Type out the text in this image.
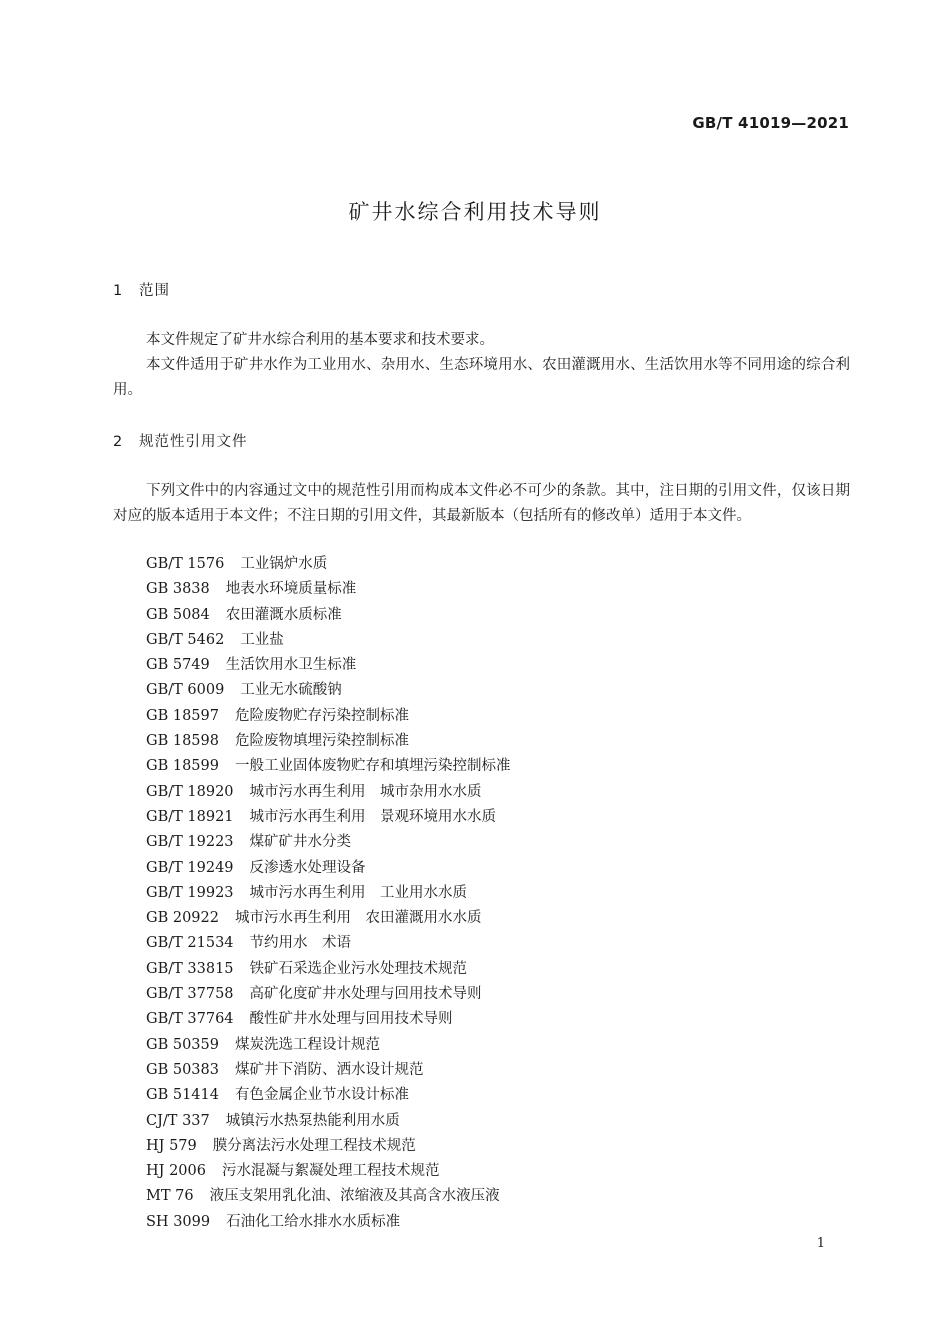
GB/T 41019—2021
矿井水综合利用技术导则
1 范围

本文件规定了矿井水综合利用的基本要求和技术要求。

本文件适用于矿井水作为工业用水、杂用水、生态环境用水、农田灌溉用水、生活饮用水等不同用途的综合利用。

2 规范性引用文件

下列文件中的内容通过文中的规范性引用而构成本文件必不可少的条款。其中，注日期的引用文件，仅该日期对应的版本适用于本文件；不注日期的引用文件，其最新版本（包括所有的修改单）适用于本文件。

GB/T 1576 工业锅炉水质
GB 3838 地表水环境质量标准
GB 5084 农田灌溉水质标准
GB/T 5462 工业盐
GB 5749 生活饮用水卫生标准
GB/T 6009 工业无水硫酸钠
GB 18597 危险废物贮存污染控制标准
GB 18598 危险废物填埋污染控制标准
GB 18599 一般工业固体废物贮存和填埋污染控制标准
GB/T 18920 城市污水再生利用　城市杂用水水质
GB/T 18921 城市污水再生利用　景观环境用水水质
GB/T 19223 煤矿矿井水分类
GB/T 19249 反渗透水处理设备
GB/T 19923 城市污水再生利用　工业用水水质
GB 20922 城市污水再生利用　农田灌溉用水水质
GB/T 21534 节约用水　术语
GB/T 33815 铁矿石采选企业污水处理技术规范
GB/T 37758 高矿化度矿井水处理与回用技术导则
GB/T 37764 酸性矿井水处理与回用技术导则
GB 50359 煤炭洗选工程设计规范
GB 50383 煤矿井下消防、洒水设计规范
GB 51414 有色金属企业节水设计标准
CJ/T 337 城镇污水热泵热能利用水质
HJ 579 膜分离法污水处理工程技术规范
HJ 2006 污水混凝与絮凝处理工程技术规范
MT 76 液压支架用乳化油、浓缩液及其高含水液压液
SH 3099 石油化工给水排水水质标准
1
